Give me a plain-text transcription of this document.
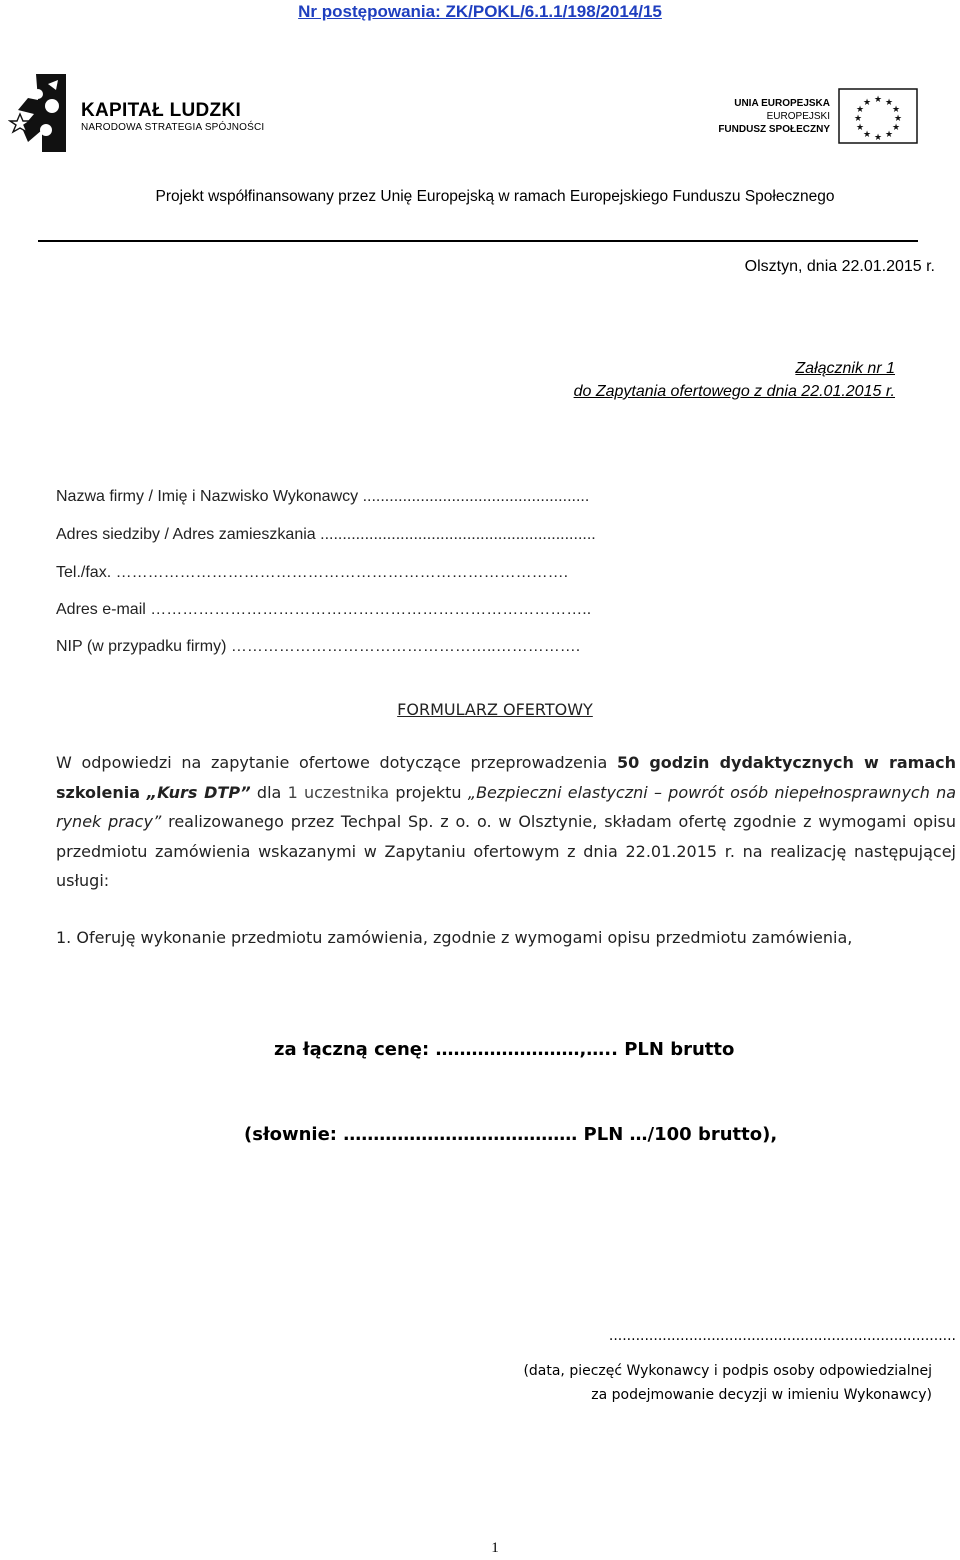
Nr postępowania: ZK/POKL/6.1.1/198/2014/15
KAPITAŁ LUDZKI
NARODOWA STRATEGIA SPÓJNOŚCI
UNIA EUROPEJSKA
EUROPEJSKI
FUNDUSZ SPOŁECZNY
★ ★
★
★
★
★
★
★
★
★
★
★
Projekt współfinansowany przez Unię Europejską w ramach Europejskiego Funduszu Społecznego
Olsztyn, dnia 22.01.2015 r.
Załącznik nr 1
do Zapytania ofertowego z dnia 22.01.2015 r.
Nazwa firmy / Imię i Nazwisko Wykonawcy ...................................................
Adres siedziby / Adres zamieszkania ..............................................................
Tel./fax. ………………………………………………………………………….
Adres e-mail ………………………………………………………………………..
NIP (w przypadku firmy) …………………………………………..…………….
FORMULARZ OFERTOWY
W odpowiedzi na zapytanie ofertowe dotyczące przeprowadzenia 50 godzin dydaktycznych w ramach szkolenia „Kurs DTP” dla 1 uczestnika projektu „Bezpieczni elastyczni – powrót osób niepełnosprawnych na rynek pracy” realizowanego przez Techpal Sp. z o. o. w Olsztynie, składam ofertę zgodnie z wymogami opisu przedmiotu zamówienia wskazanymi w Zapytaniu ofertowym z dnia 22.01.2015 r. na realizację następującej usługi:
1. Oferuję wykonanie przedmiotu zamówienia, zgodnie z wymogami opisu przedmiotu zamówienia,
za łączną cenę: ……………………,….. PLN brutto
(słownie: ………………………………… PLN …/100 brutto),
..............................................................................
(data, pieczęć Wykonawcy i podpis osoby odpowiedzialnej
za podejmowanie decyzji w imieniu Wykonawcy)
1
